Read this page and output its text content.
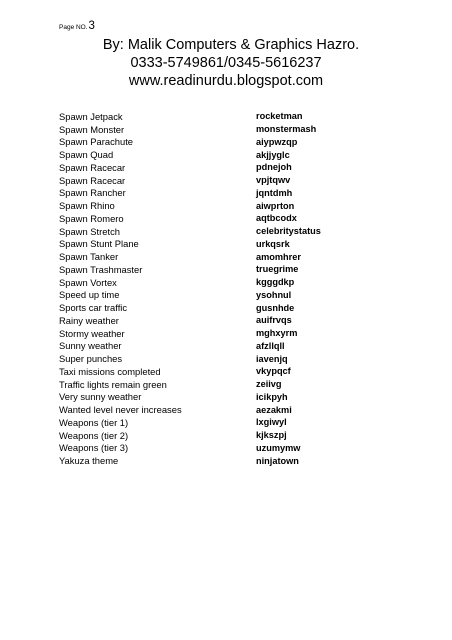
Page NO.3
By: Malik Computers & Graphics Hazro.
0333-5749861/0345-5616237
www.readinurdu.blogspot.com
Spawn Jetpack	rocketman
Spawn Monster	monstermash
Spawn Parachute	aiypwzqp
Spawn Quad	akjjyglc
Spawn Racecar	pdnejoh
Spawn Racecar	vpjtqwv
Spawn Rancher	jqntdmh
Spawn Rhino	aiwprton
Spawn Romero	aqtbcodx
Spawn Stretch	celebritystatus
Spawn Stunt Plane	urkqsrk
Spawn Tanker	amomhrer
Spawn Trashmaster	truegrime
Spawn Vortex	kgggdkp
Speed up time	ysohnul
Sports car traffic	gusnhde
Rainy weather	auifrvqs
Stormy weather	mghxyrm
Sunny weather	afzllqll
Super punches	iavenjq
Taxi missions completed	vkypqcf
Traffic lights remain green	zeiivg
Very sunny weather	icikpyh
Wanted level never increases	aezakmi
Weapons (tier 1)	lxgiwyl
Weapons (tier 2)	kjkszpj
Weapons (tier 3)	uzumymw
Yakuza theme	ninjatown
